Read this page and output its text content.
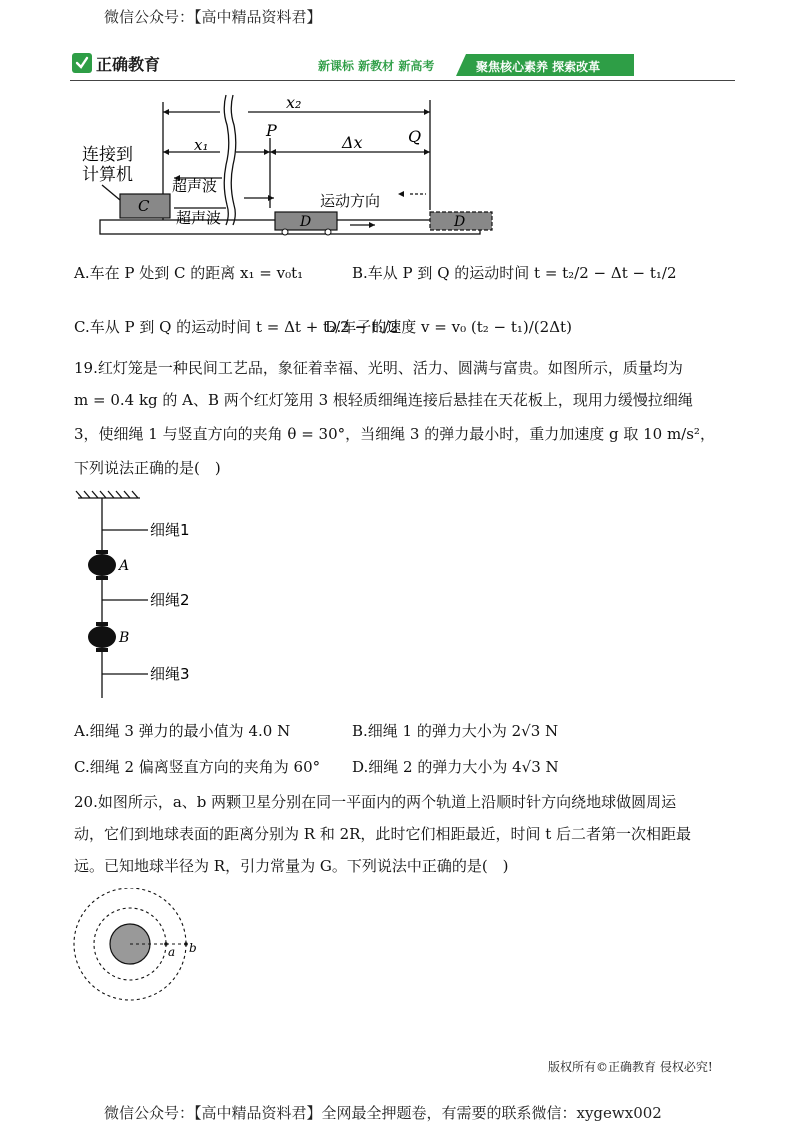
微信公众号：【高中精品资料君】
正确教育	新课标 新教材 新高考	聚焦核心素养 探索改革
x₂
x₁
P	Q
Δx
连接到
计算机
C
超声波
超声波	D	D
运动方向
A.车在 P 处到 C 的距离 x₁ = v₀t₁	B.车从 P 到 Q 的运动时间 t = t₂/2 − Δt − t₁/2
C.车从 P 到 Q 的运动时间 t = Δt + t₂/2 − t₁/2
D.车子的速度 v = v₀ (t₂ − t₁)/(2Δt)
19.红灯笼是一种民间工艺品，象征着幸福、光明、活力、圆满与富贵。如图所示，质量均为
m = 0.4 kg 的 A、B 两个红灯笼用 3 根轻质细绳连接后悬挂在天花板上，现用力缓慢拉细绳
3，使细绳 1 与竖直方向的夹角 θ = 30°，当细绳 3 的弹力最小时，重力加速度 g 取 10 m/s²，
下列说法正确的是(　)
细绳1
细绳2
细绳3
A
B
A.细绳 3 弹力的最小值为 4.0 N	B.细绳 1 的弹力大小为 2√3 N
C.细绳 2 偏离竖直方向的夹角为 60° D.细绳 2 的弹力大小为 4√3 N
20.如图所示，a、b 两颗卫星分别在同一平面内的两个轨道上沿顺时针方向绕地球做圆周运
动，它们到地球表面的距离分别为 R 和 2R，此时它们相距最近，时间 t 后二者第一次相距最
远。已知地球半径为 R，引力常量为 G。下列说法中正确的是(　)
a b
版权所有©正确教育 侵权必究!
微信公众号：【高中精品资料君】全网最全押题卷，有需要的联系微信：xygewx002
